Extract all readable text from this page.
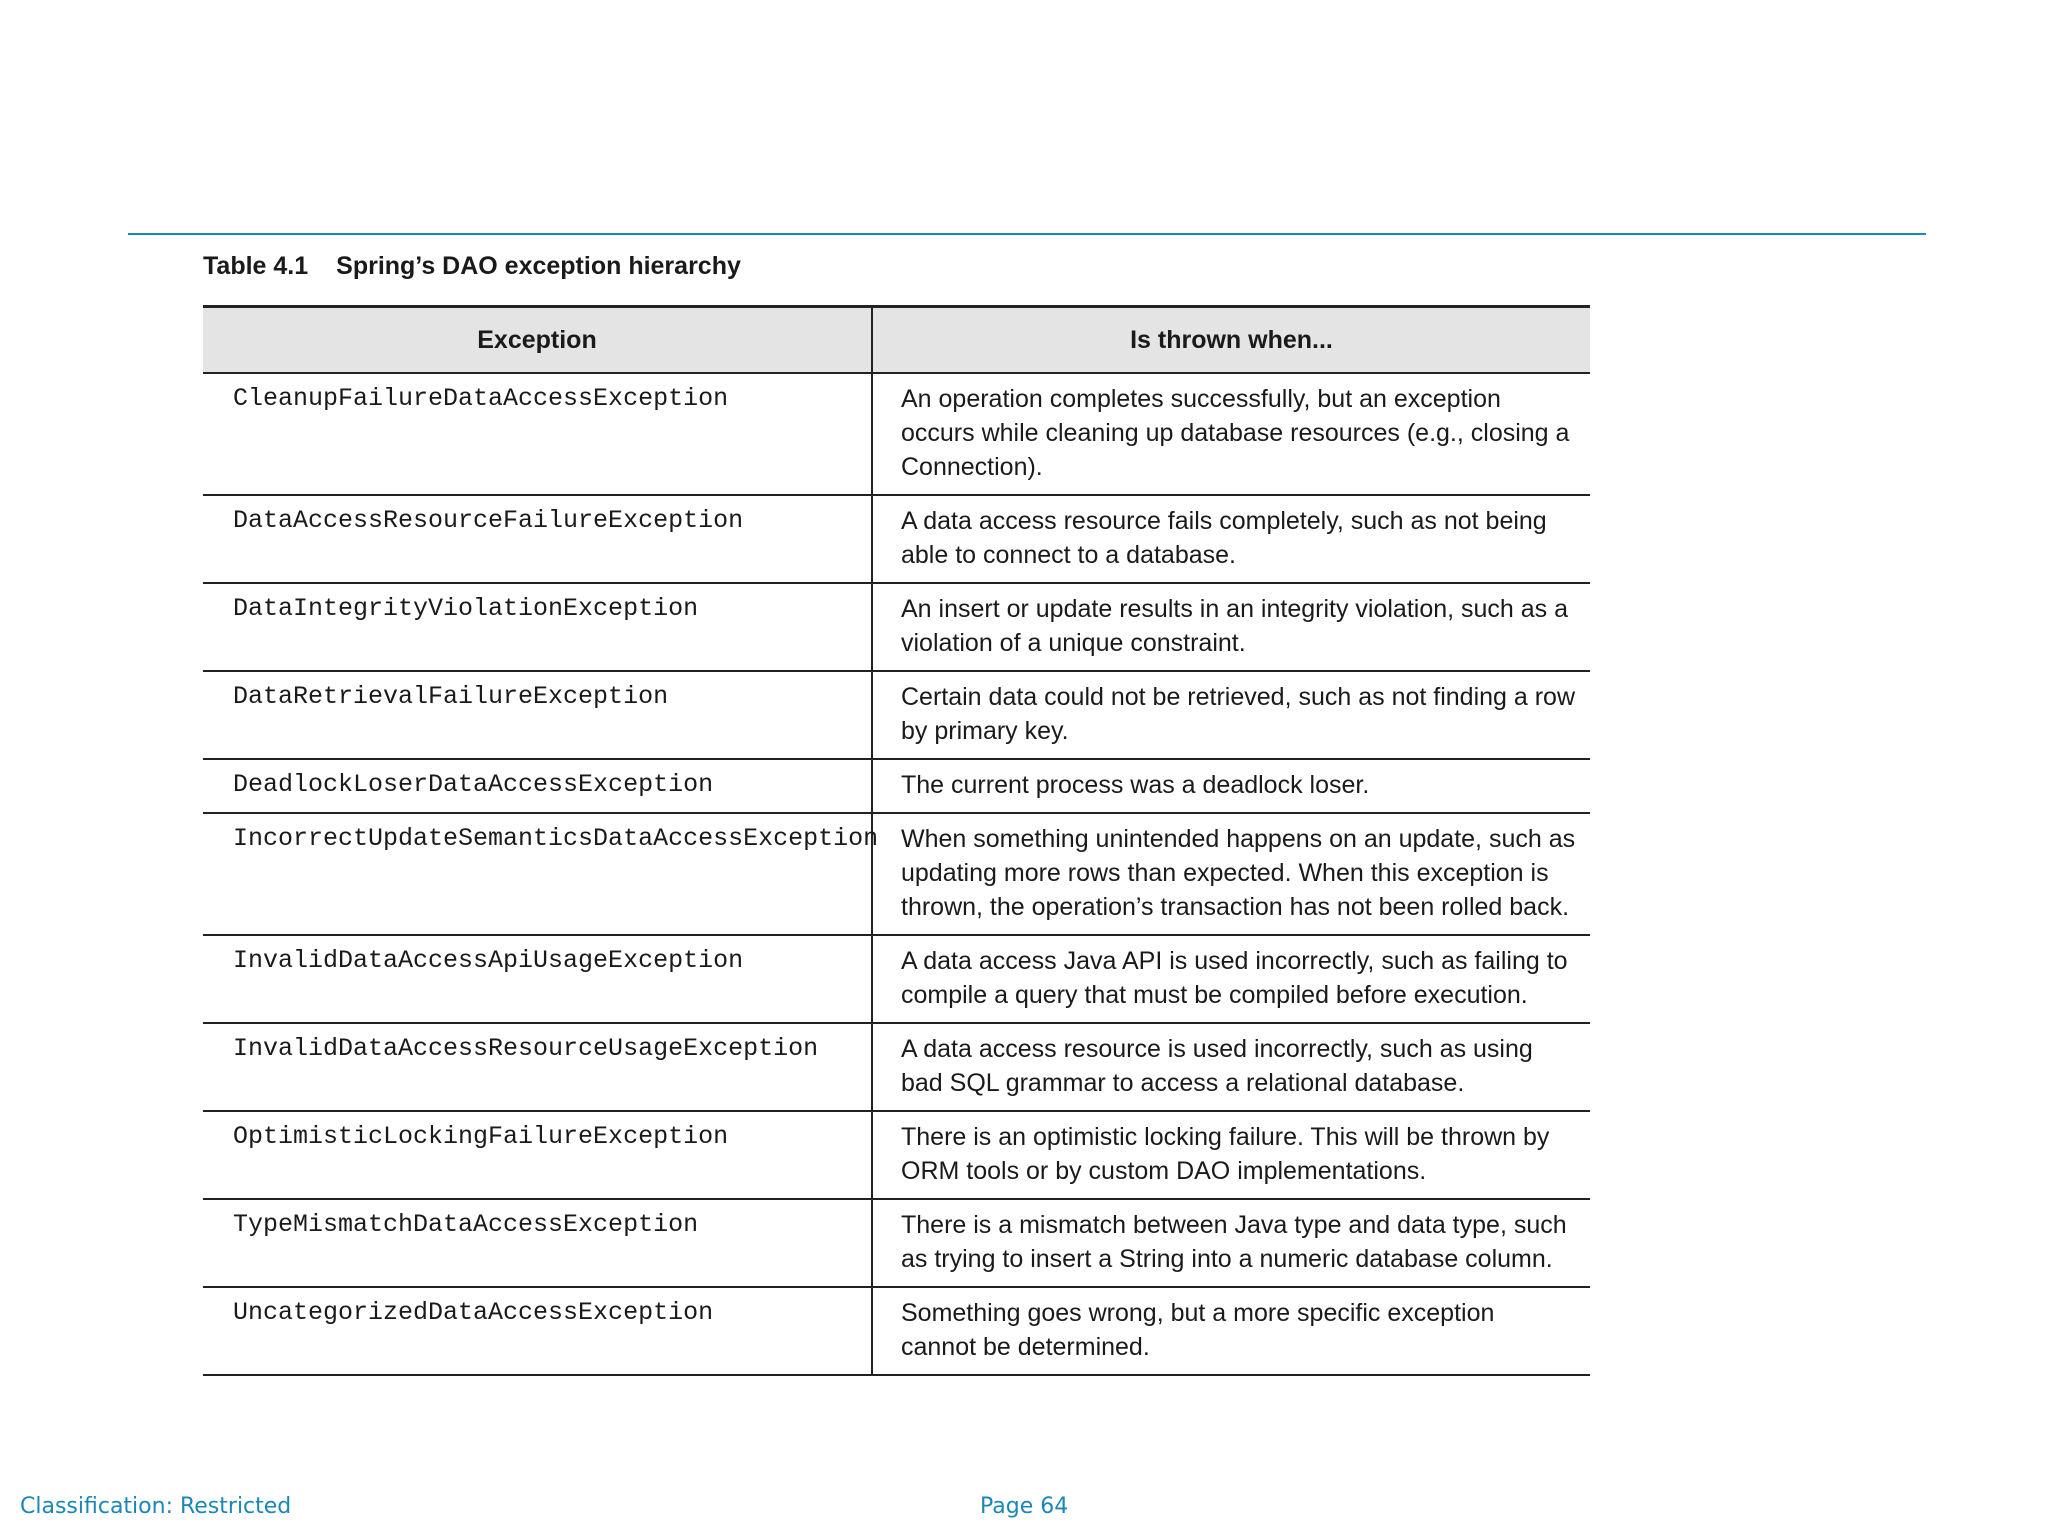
Table 4.1 Spring’s DAO exception hierarchy
Exception	Is thrown when...
CleanupFailureDataAccessException	An operation completes successfully, but an exception occurs while cleaning up database resources (e.g., closing a Connection).
DataAccessResourceFailureException	A data access resource fails completely, such as not being able to connect to a database.
DataIntegrityViolationException	An insert or update results in an integrity violation, such as a violation of a unique constraint.
DataRetrievalFailureException	Certain data could not be retrieved, such as not finding a row by primary key.
DeadlockLoserDataAccessException	The current process was a deadlock loser.
IncorrectUpdateSemanticsDataAccessException	When something unintended happens on an update, such as updating more rows than expected. When this exception is thrown, the operation’s transaction has not been rolled back.
InvalidDataAccessApiUsageException	A data access Java API is used incorrectly, such as failing to compile a query that must be compiled before execution.
InvalidDataAccessResourceUsageException	A data access resource is used incorrectly, such as using bad SQL grammar to access a relational database.
OptimisticLockingFailureException	There is an optimistic locking failure. This will be thrown by ORM tools or by custom DAO implementations.
TypeMismatchDataAccessException	There is a mismatch between Java type and data type, such as trying to insert a String into a numeric database column.
UncategorizedDataAccessException	Something goes wrong, but a more specific exception cannot be determined.
Classification: Restricted	Page 64
